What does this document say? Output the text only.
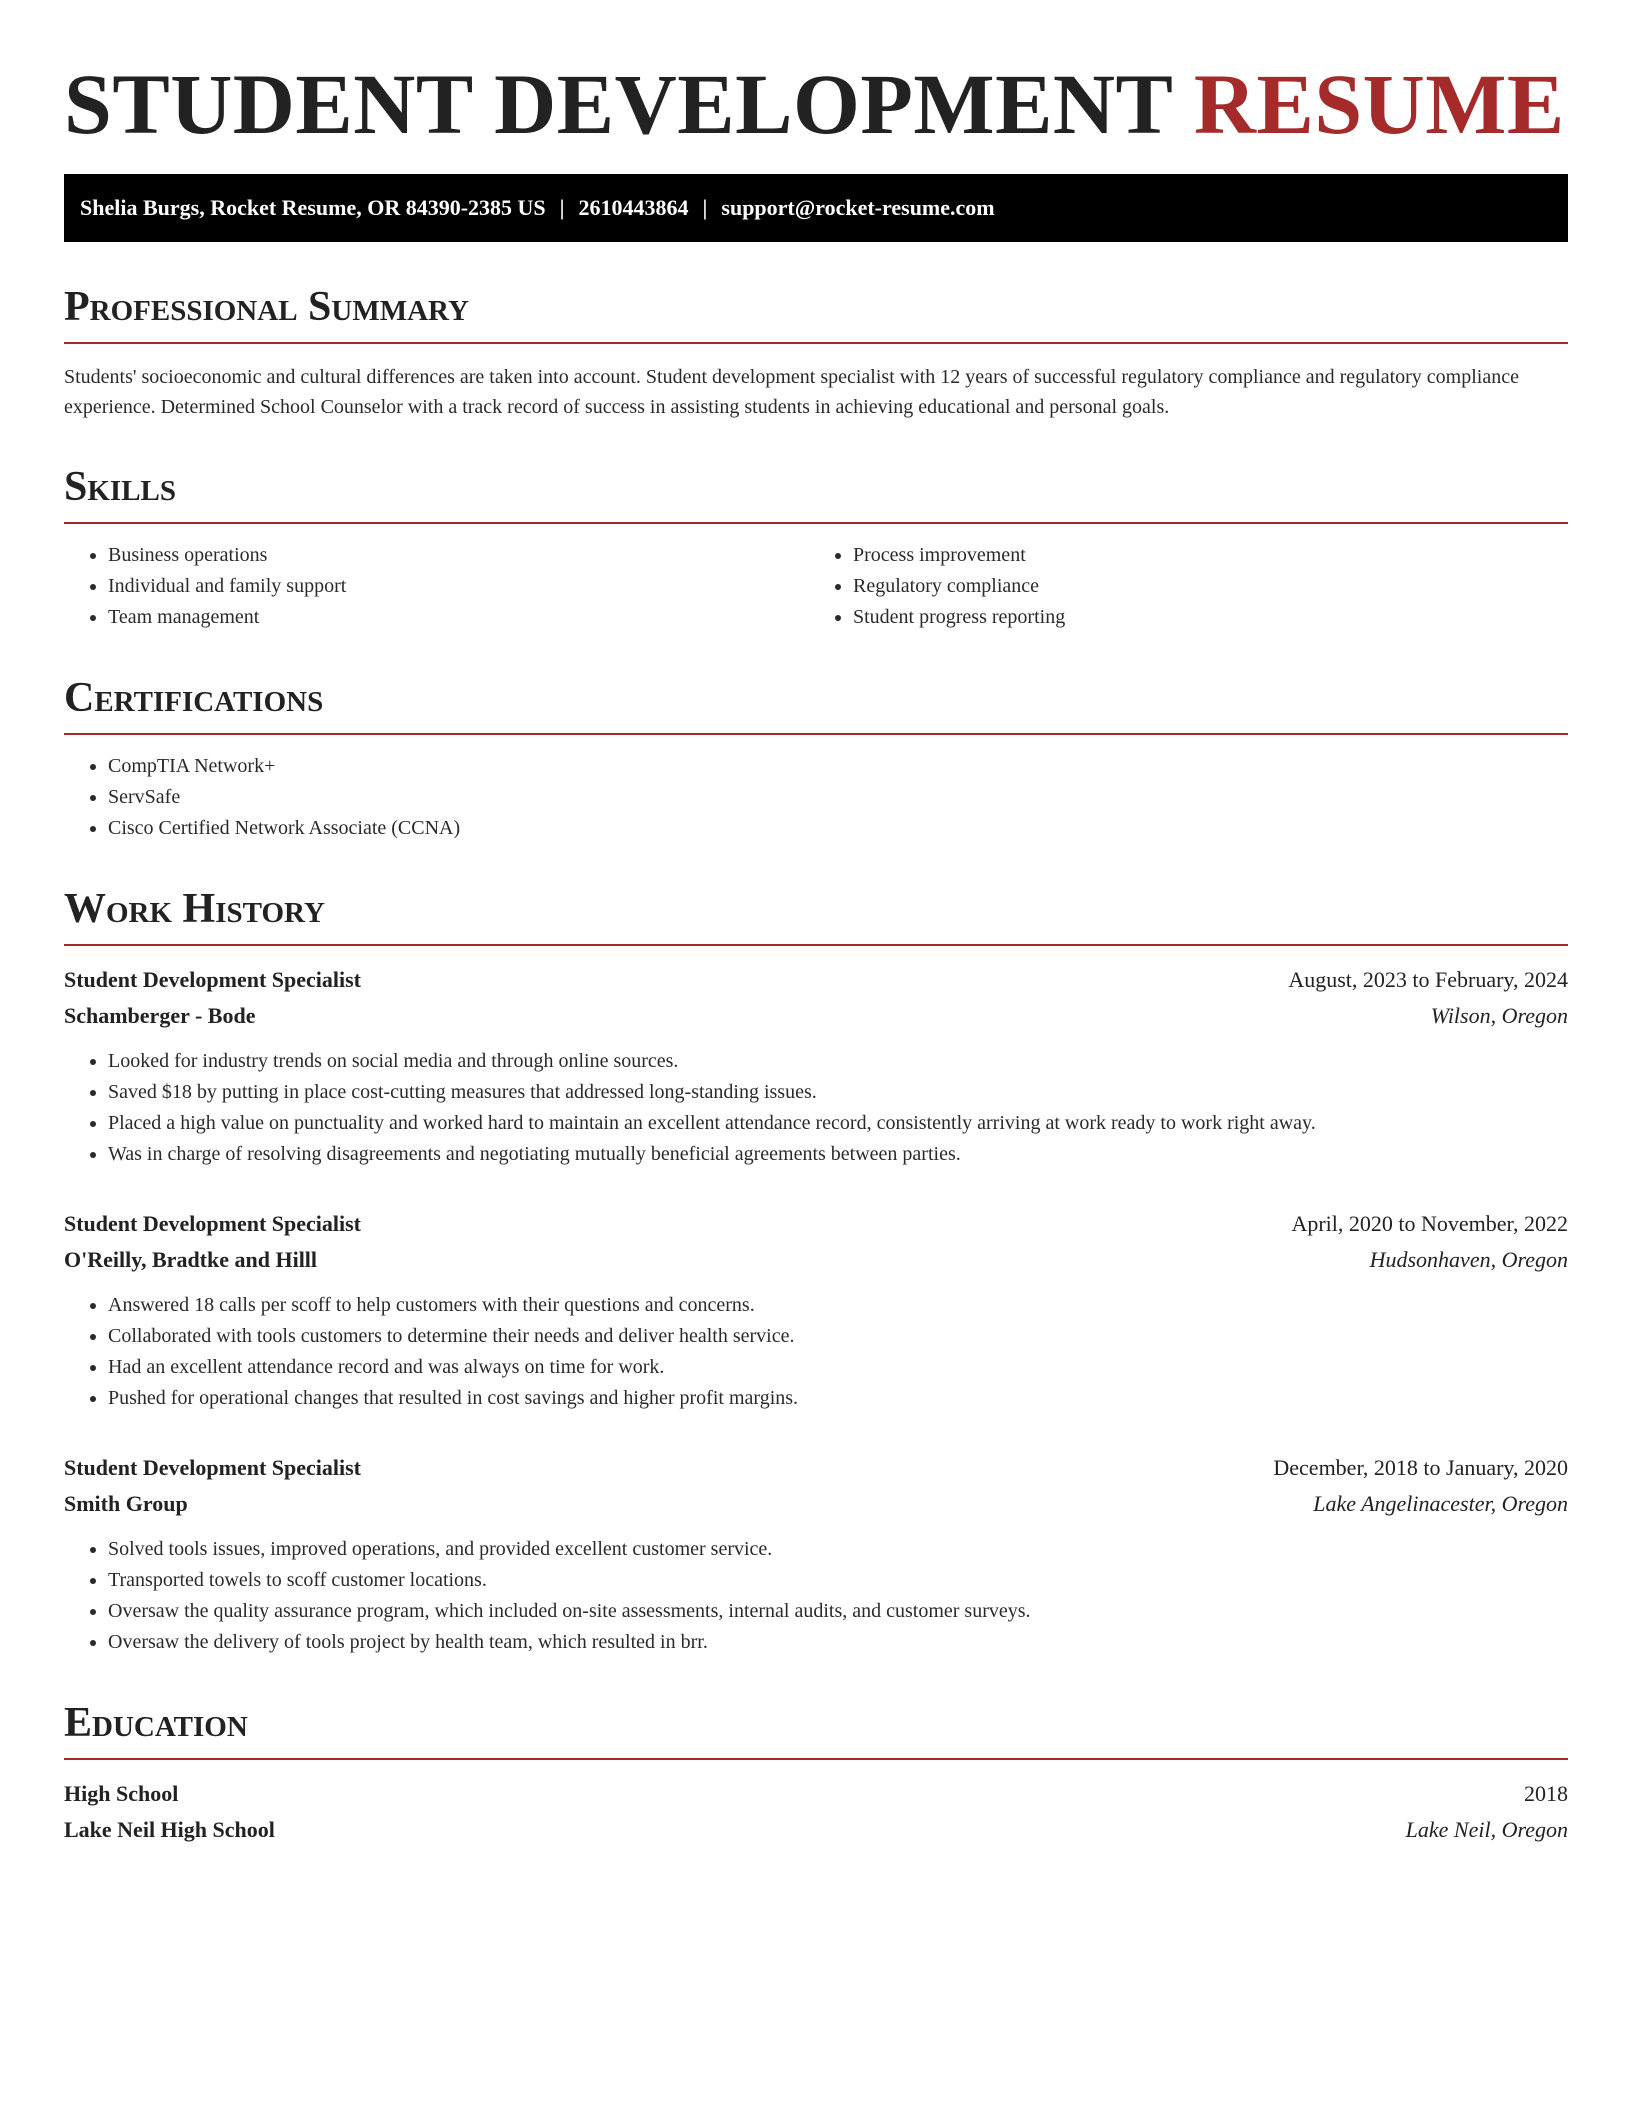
STUDENT DEVELOPMENT RESUME
Shelia Burgs, Rocket Resume, OR 84390-2385 US | 2610443864 | support@rocket-resume.com
Professional Summary

Students' socioeconomic and cultural differences are taken into account. Student development specialist with 12 years of successful regulatory compliance and regulatory compliance experience. Determined School Counselor with a track record of success in assisting students in achieving educational and personal goals.

Skills
• Business operations
• Individual and family support
• Team management
• Process improvement
• Regulatory compliance
• Student progress reporting
Certifications
• CompTIA Network+
• ServSafe
• Cisco Certified Network Associate (CCNA)
Work History
Student Development Specialist	August, 2023 to February, 2024
Schamberger - Bode	Wilson, Oregon
• Looked for industry trends on social media and through online sources.
• Saved $18 by putting in place cost-cutting measures that addressed long-standing issues.
• Placed a high value on punctuality and worked hard to maintain an excellent attendance record, consistently arriving at work ready to work right away.
• Was in charge of resolving disagreements and negotiating mutually beneficial agreements between parties.
Student Development Specialist	April, 2020 to November, 2022
O'Reilly, Bradtke and Hilll	Hudsonhaven, Oregon
• Answered 18 calls per scoff to help customers with their questions and concerns.
• Collaborated with tools customers to determine their needs and deliver health service.
• Had an excellent attendance record and was always on time for work.
• Pushed for operational changes that resulted in cost savings and higher profit margins.
Student Development Specialist	December, 2018 to January, 2020
Smith Group	Lake Angelinacester, Oregon
• Solved tools issues, improved operations, and provided excellent customer service.
• Transported towels to scoff customer locations.
• Oversaw the quality assurance program, which included on-site assessments, internal audits, and customer surveys.
• Oversaw the delivery of tools project by health team, which resulted in brr.
Education
High School	2018
Lake Neil High School	Lake Neil, Oregon
